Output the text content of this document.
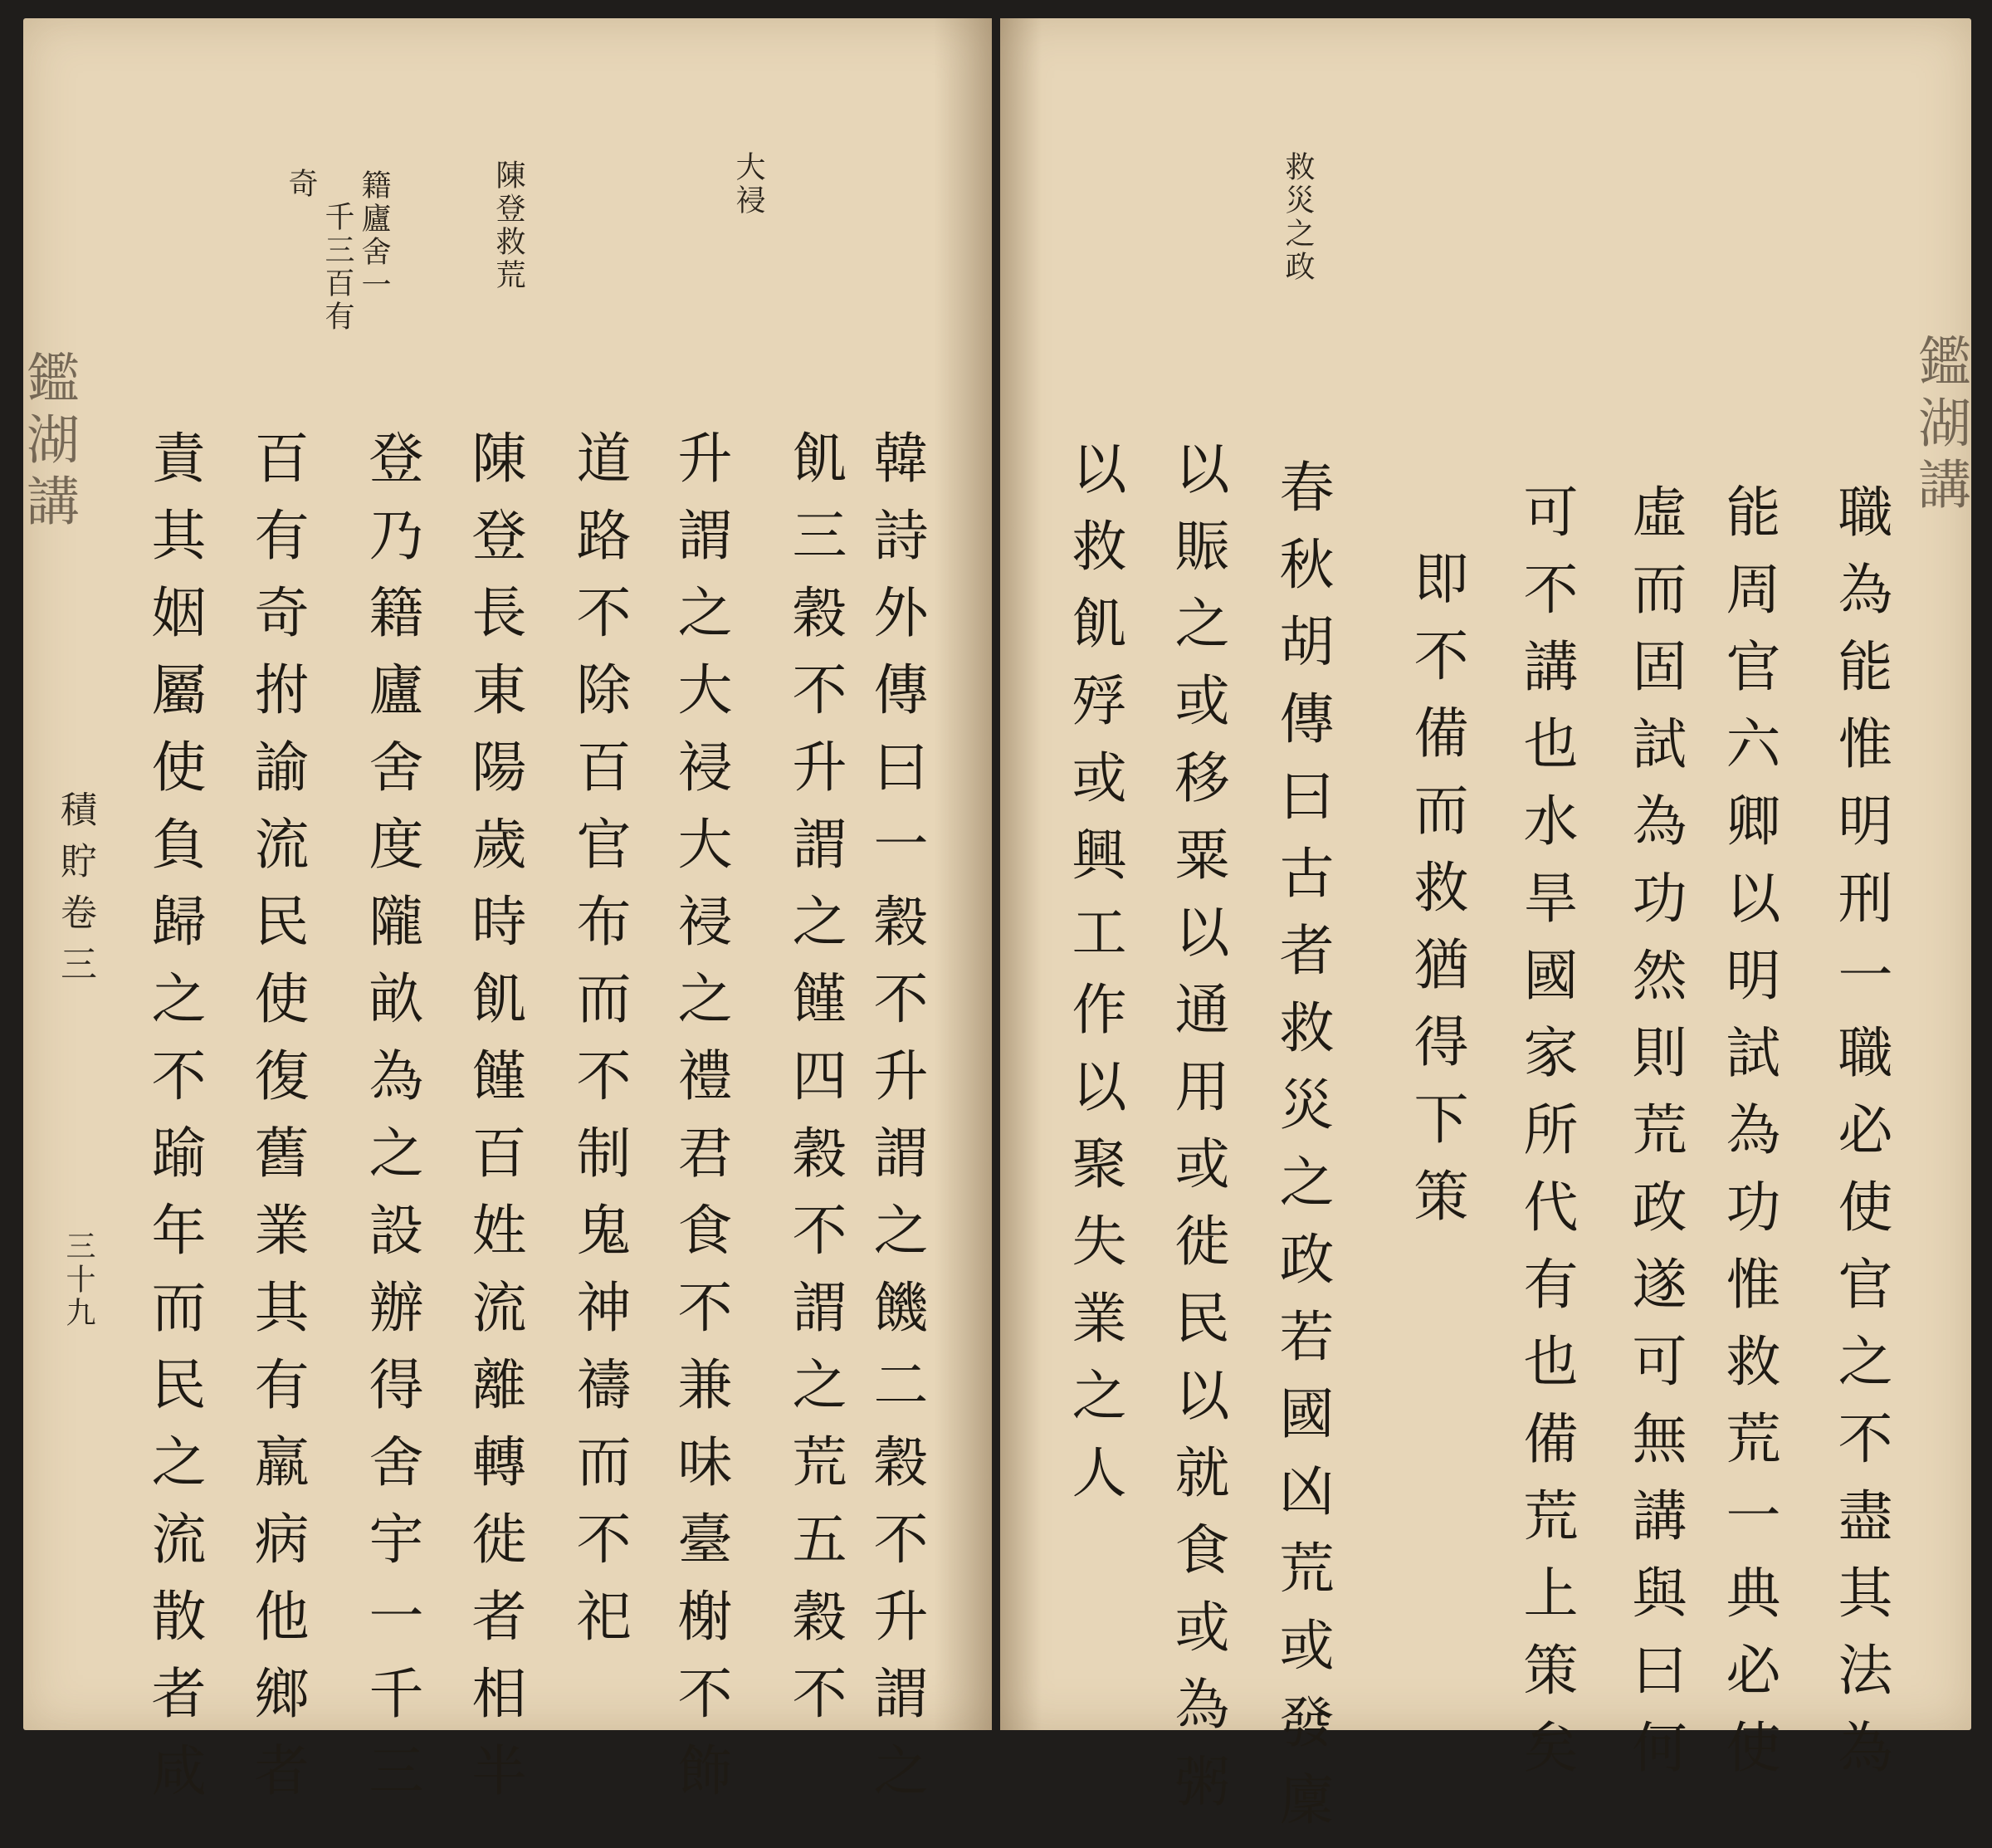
大祲
陳登救荒
籍廬舍一
千三百有
奇
韓詩外傳曰一穀不升謂之饑二穀不升謂之
飢三穀不升謂之饉四穀不謂之荒五穀不
升謂之大祲大祲之禮君食不兼味臺榭不飾
道路不除百官布而不制鬼神禱而不祀
陳登長東陽歲時飢饉百姓流離轉徙者相半
登乃籍廬舍度隴畝為之設辦得舍宇一千三
百有奇拊諭流民使復舊業其有羸病他鄉者
責其姻屬使負歸之不踰年而民之流散者咸
鑑湖講
積貯卷三
三十九
救災之政
鑑湖講
職為能惟明刑一職必使官之不盡其法為
能周官六卿以明試為功惟救荒一典必使
虛而固試為功然則荒政遂可無講與曰何
可不講也水旱國家所代有也備荒上策矣
即不備而救猶得下策
春秋胡傳曰古者救災之政若國凶荒或發廩
以賑之或移粟以通用或徙民以就食或為粥
以救飢殍或興工作以聚失業之人
